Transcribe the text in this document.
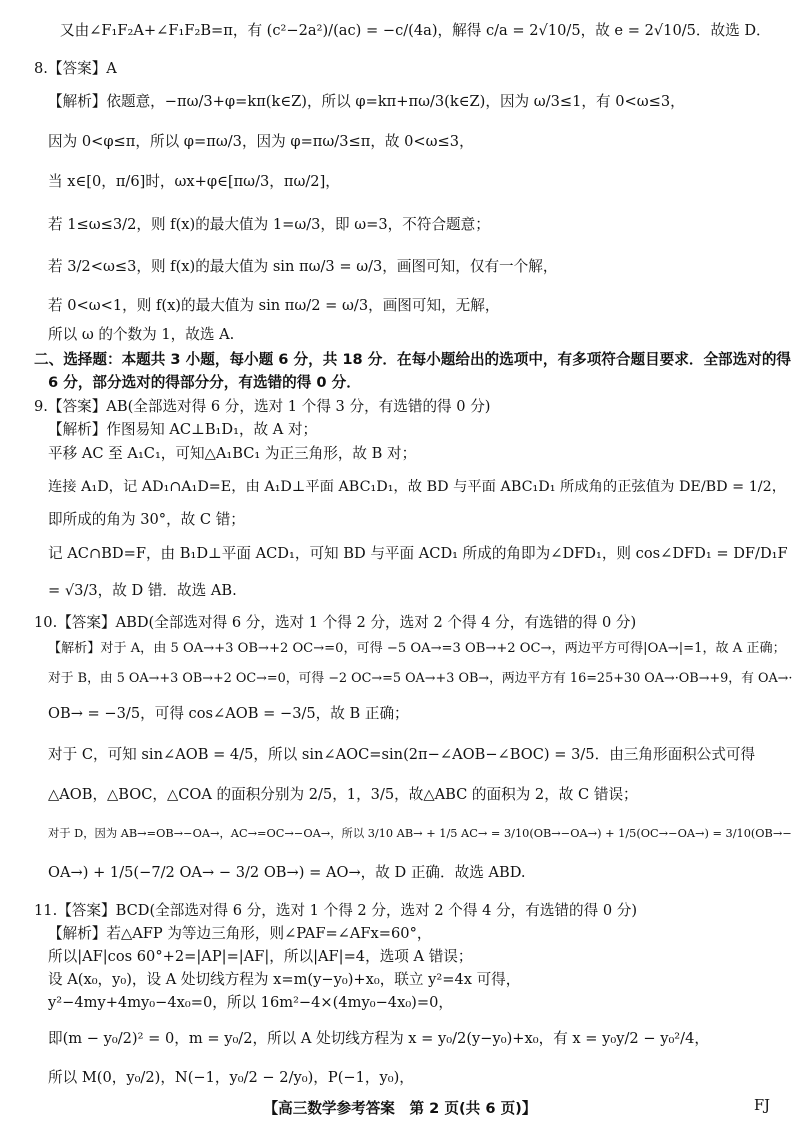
又由∠F₁F₂A+∠F₁F₂B=π，有 (c²−2a²)/(ac) = −c/(4a)，解得 c/a = 2√10/5，故 e = 2√10/5．故选 D．
8.【答案】A
【解析】依题意，−πω/3+φ=kπ(k∈Z)，所以 φ=kπ+πω/3(k∈Z)，因为 ω/3≤1，有 0<ω≤3，
因为 0<φ≤π，所以 φ=πω/3，因为 φ=πω/3≤π，故 0<ω≤3，
当 x∈[0，π/6]时，ωx+φ∈[πω/3，πω/2]，
若 1≤ω≤3/2，则 f(x)的最大值为 1=ω/3，即 ω=3，不符合题意；
若 3/2<ω≤3，则 f(x)的最大值为 sin πω/3 = ω/3，画图可知，仅有一个解，
若 0<ω<1，则 f(x)的最大值为 sin πω/2 = ω/3，画图可知，无解，
所以 ω 的个数为 1，故选 A.
二、选择题：本题共 3 小题，每小题 6 分，共 18 分．在每小题给出的选项中，有多项符合题目要求．全部选对的得
6 分，部分选对的得部分分，有选错的得 0 分．
9.【答案】AB(全部选对得 6 分，选对 1 个得 3 分，有选错的得 0 分)
【解析】作图易知 AC⊥B₁D₁，故 A 对；
平移 AC 至 A₁C₁，可知△A₁BC₁ 为正三角形，故 B 对；
连接 A₁D，记 AD₁∩A₁D=E，由 A₁D⊥平面 ABC₁D₁，故 BD 与平面 ABC₁D₁ 所成角的正弦值为 DE/BD = 1/2，
即所成的角为 30°，故 C 错；
记 AC∩BD=F，由 B₁D⊥平面 ACD₁，可知 BD 与平面 ACD₁ 所成的角即为∠DFD₁，则 cos∠DFD₁ = DF/D₁F
= √3/3，故 D 错．故选 AB.
10.【答案】ABD(全部选对得 6 分，选对 1 个得 2 分，选对 2 个得 4 分，有选错的得 0 分)
【解析】对于 A，由 5 OA→+3 OB→+2 OC→=0，可得 −5 OA→=3 OB→+2 OC→，两边平方可得|OA→|=1，故 A 正确；
对于 B，由 5 OA→+3 OB→+2 OC→=0，可得 −2 OC→=5 OA→+3 OB→，两边平方有 16=25+30 OA→·OB→+9，有 OA→·
OB→ = −3/5，可得 cos∠AOB = −3/5，故 B 正确；
对于 C，可知 sin∠AOB = 4/5，所以 sin∠AOC=sin(2π−∠AOB−∠BOC) = 3/5．由三角形面积公式可得
△AOB，△BOC，△COA 的面积分别为 2/5，1，3/5，故△ABC 的面积为 2，故 C 错误；
对于 D，因为 AB→=OB→−OA→，AC→=OC→−OA→，所以 3/10 AB→ + 1/5 AC→ = 3/10(OB→−OA→) + 1/5(OC→−OA→) = 3/10(OB→−
OA→) + 1/5(−7/2 OA→ − 3/2 OB→) = AO→，故 D 正确．故选 ABD.
11.【答案】BCD(全部选对得 6 分，选对 1 个得 2 分，选对 2 个得 4 分，有选错的得 0 分)
【解析】若△AFP 为等边三角形，则∠PAF=∠AFx=60°，
所以|AF|cos 60°+2=|AP|=|AF|，所以|AF|=4，选项 A 错误；
设 A(x₀，y₀)，设 A 处切线方程为 x=m(y−y₀)+x₀，联立 y²=4x 可得，
y²−4my+4my₀−4x₀=0，所以 16m²−4×(4my₀−4x₀)=0，
即(m − y₀/2)² = 0，m = y₀/2，所以 A 处切线方程为 x = y₀/2(y−y₀)+x₀，有 x = y₀y/2 − y₀²/4，
所以 M(0，y₀/2)，N(−1，y₀/2 − 2/y₀)，P(−1，y₀)，
【高三数学参考答案　第 2 页(共 6 页)】	FJ
